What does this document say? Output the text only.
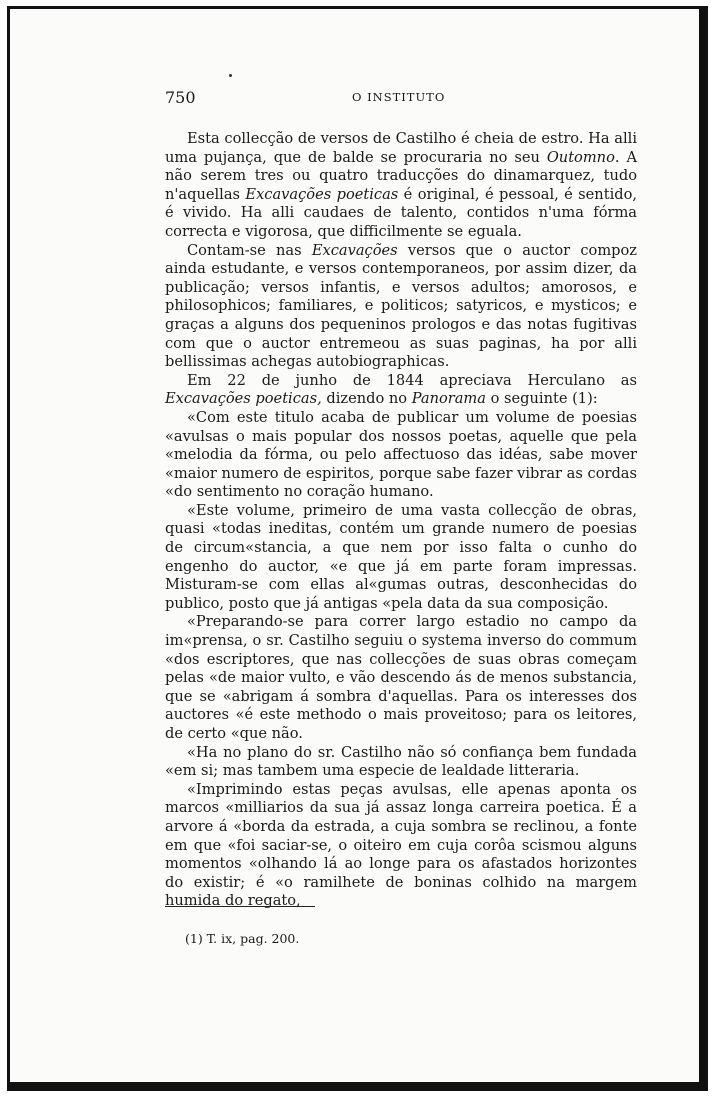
750	O INSTITUTO

Esta collecção de versos de Castilho é cheia de estro. Ha alli uma pujança, que de balde se procuraria no seu Outomno. A não serem tres ou quatro traducções do dinamarquez, tudo n'aquellas Excavações poeticas é original, é pessoal, é sentido, é vivido. Ha alli caudaes de talento, contidos n'uma fórma correcta e vigorosa, que difficilmente se eguala.

Contam-se nas Excavações versos que o auctor compoz ainda estudante, e versos contemporaneos, por assim dizer, da publicação; versos infantis, e versos adultos; amorosos, e philosophicos; familiares, e politicos; satyricos, e mysticos; e graças a alguns dos pequeninos prologos e das notas fugitivas com que o auctor entremeou as suas paginas, ha por alli bellissimas achegas autobiographicas.

Em 22 de junho de 1844 apreciava Herculano as Excavações poeticas, dizendo no Panorama o seguinte (1):

«Com este titulo acaba de publicar um volume de poesias «avulsas o mais popular dos nossos poetas, aquelle que pela «melodia da fórma, ou pelo affectuoso das idéas, sabe mover «maior numero de espiritos, porque sabe fazer vibrar as cordas «do sentimento no coração humano.

«Este volume, primeiro de uma vasta collecção de obras, quasi «todas ineditas, contém um grande numero de poesias de circum«stancia, a que nem por isso falta o cunho do engenho do auctor, «e que já em parte foram impressas. Misturam-se com ellas al«gumas outras, desconhecidas do publico, posto que já antigas «pela data da sua composição.

«Preparando-se para correr largo estadio no campo da im«prensa, o sr. Castilho seguiu o systema inverso do commum «dos escriptores, que nas collecções de suas obras começam pelas «de maior vulto, e vão descendo ás de menos substancia, que se «abrigam á sombra d'aquellas. Para os interesses dos auctores «é este methodo o mais proveitoso; para os leitores, de certo «que não.

«Ha no plano do sr. Castilho não só confiança bem fundada «em si; mas tambem uma especie de lealdade litteraria.

«Imprimindo estas peças avulsas, elle apenas aponta os marcos «milliarios da sua já assaz longa carreira poetica. É a arvore á «borda da estrada, a cuja sombra se reclinou, a fonte em que «foi saciar-se, o oiteiro em cuja corôa scismou alguns momentos «olhando lá ao longe para os afastados horizontes do existir; é «o ramilhete de boninas colhido na margem humida do regato,

(1) T. ix, pag. 200.
